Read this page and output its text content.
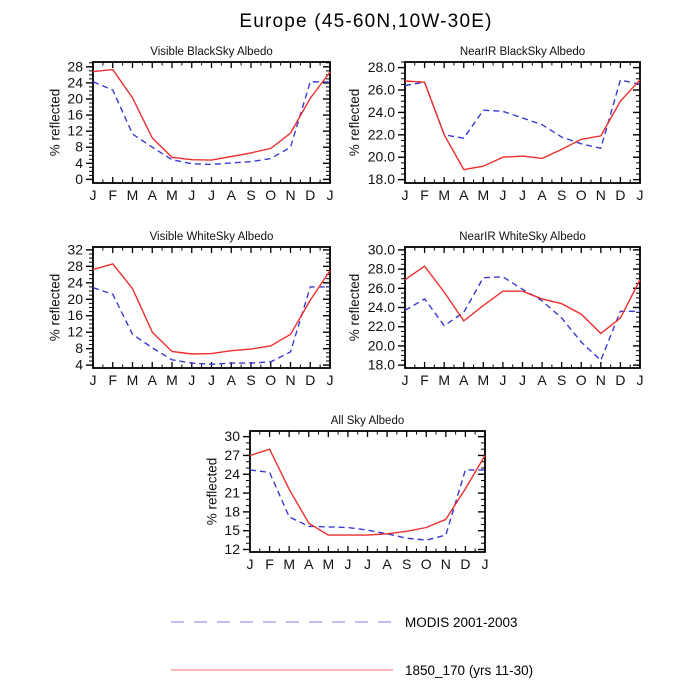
Europe (45-60N,10W-30E)
Visible BlackSky Albedo
0
4
8
12
16
20
24
28
J F M A M J J A S O N D J
% reflected
NearIR BlackSky Albedo
18.0
20.0
22.0
24.0
26.0
28.0
J F M A M J J A S O N D J
% reflected
Visible WhiteSky Albedo
4
8
12
16
20
24
28
32
J F M A M J J A S O N D J
% reflected
NearIR WhiteSky Albedo
18.0
20.0
22.0
24.0
26.0
28.0
30.0
J F M A M J J A S O N D J
% reflected
All Sky Albedo
12
15
18
21
24
27
30
J F M A M J J A S O N D J
% reflected
MODIS 2001-2003
1850_170 (yrs 11-30)
